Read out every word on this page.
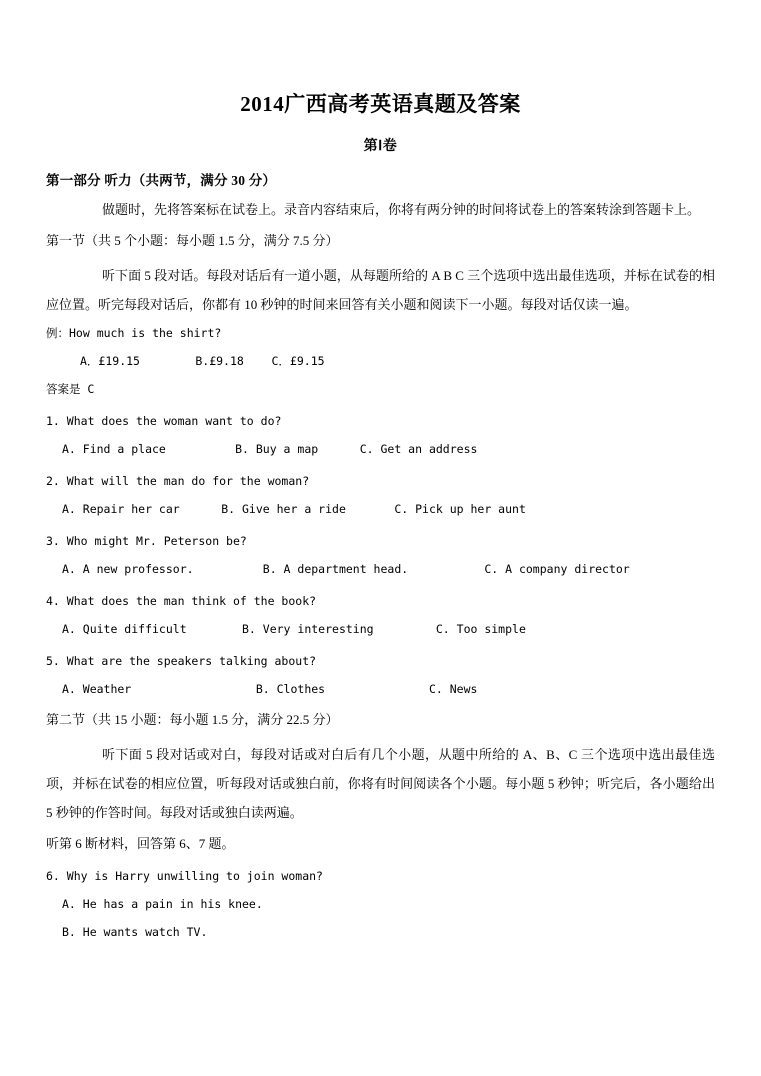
2014广西高考英语真题及答案
第Ⅰ卷
第一部分 听力（共两节，满分 30 分）
做题时，先将答案标在试卷上。录音内容结束后，你将有两分钟的时间将试卷上的答案转涂到答题卡上。
第一节（共 5 个小题：每小题 1.5 分，满分 7.5 分）
听下面 5 段对话。每段对话后有一道小题，从每题所给的 A B C 三个选项中选出最佳选项，并标在试卷的相应位置。听完每段对话后，你都有 10 秒钟的时间来回答有关小题和阅读下一小题。每段对话仅读一遍。
例：How much is the shirt?
A．£19.15        B.£9.18    C．£9.15
答案是 C
1. What does the woman want to do?
A. Find a place          B. Buy a map      C. Get an address
2. What will the man do for the woman?
A. Repair her car      B. Give her a ride       C. Pick up her aunt
3. Who might Mr. Peterson be?
A. A new professor.          B. A department head.           C. A company director
4. What does the man think of the book?
A. Quite difficult        B. Very interesting         C. Too simple
5. What are the speakers talking about?
A. Weather                  B. Clothes               C. News
第二节（共 15 小题：每小题 1.5 分，满分 22.5 分）
听下面 5 段对话或对白，每段对话或对白后有几个小题，从题中所给的 A、B、C 三个选项中选出最佳选项，并标在试卷的相应位置，听每段对话或独白前，你将有时间阅读各个小题。每小题 5 秒钟；听完后，各小题给出 5 秒钟的作答时间。每段对话或独白读两遍。
听第 6 断材料，回答第 6、7 题。
6. Why is Harry unwilling to join woman?
A. He has a pain in his knee.
B. He wants watch TV.
